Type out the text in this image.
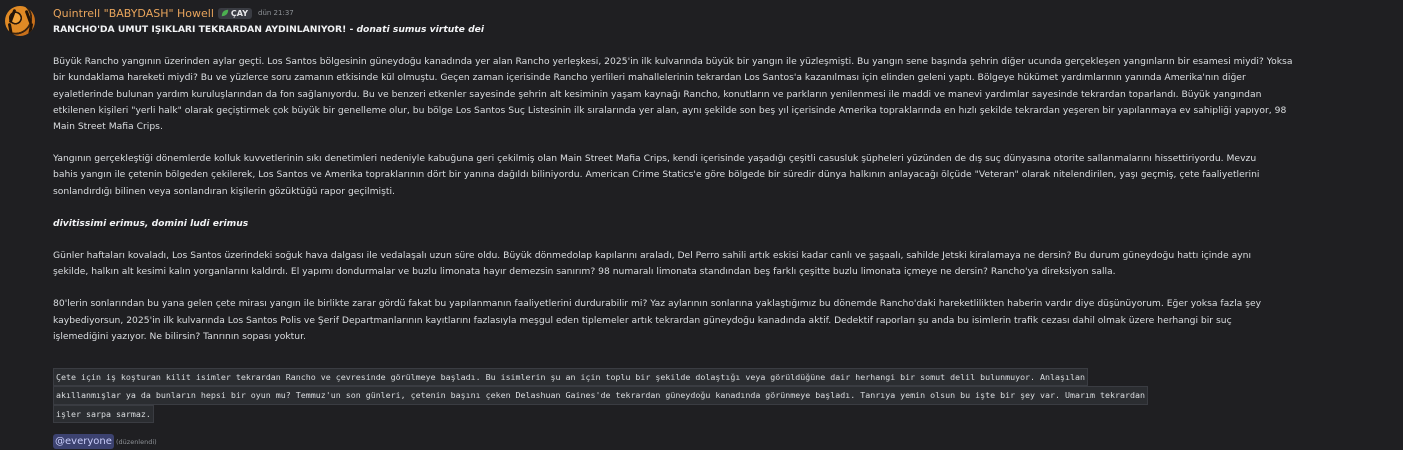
Quintrell "BABYDASH" Howell ÇAY dün 21:37
RANCHO'DA UMUT IŞIKLARI TEKRARDAN AYDINLANIYOR! - donati sumus virtute dei
Büyük Rancho yangının üzerinden aylar geçti. Los Santos bölgesinin güneydoğu kanadında yer alan Rancho yerleşkesi, 2025'in ilk kulvarında büyük bir yangın ile yüzleşmişti. Bu yangın sene başında şehrin diğer ucunda gerçekleşen yangınların bir esamesi miydi? Yoksa
bir kundaklama hareketi miydi? Bu ve yüzlerce soru zamanın etkisinde kül olmuştu. Geçen zaman içerisinde Rancho yerlileri mahallelerinin tekrardan Los Santos'a kazanılması için elinden geleni yaptı. Bölgeye hükümet yardımlarının yanında Amerika'nın diğer
eyaletlerinde bulunan yardım kuruluşlarından da fon sağlanıyordu. Bu ve benzeri etkenler sayesinde şehrin alt kesiminin yaşam kaynağı Rancho, konutların ve parkların yenilenmesi ile maddi ve manevi yardımlar sayesinde tekrardan toparlandı. Büyük yangından
etkilenen kişileri "yerli halk" olarak geçiştirmek çok büyük bir genelleme olur, bu bölge Los Santos Suç Listesinin ilk sıralarında yer alan, aynı şekilde son beş yıl içerisinde Amerika topraklarında en hızlı şekilde tekrardan yeşeren bir yapılanmaya ev sahipliği yapıyor, 98
Main Street Mafia Crips.
Yangının gerçekleştiği dönemlerde kolluk kuvvetlerinin sıkı denetimleri nedeniyle kabuğuna geri çekilmiş olan Main Street Mafia Crips, kendi içerisinde yaşadığı çeşitli casusluk şüpheleri yüzünden de dış suç dünyasına otorite sallanmalarını hissettiriyordu. Mevzu
bahis yangın ile çetenin bölgeden çekilerek, Los Santos ve Amerika topraklarının dört bir yanına dağıldı biliniyordu. American Crime Statics'e göre bölgede bir süredir dünya halkının anlayacağı ölçüde "Veteran" olarak nitelendirilen, yaşı geçmiş, çete faaliyetlerini
sonlandırdığı bilinen veya sonlandıran kişilerin gözüktüğü rapor geçilmişti.
divitissimi erimus, domini ludi erimus
Günler haftaları kovaladı, Los Santos üzerindeki soğuk hava dalgası ile vedalaşalı uzun süre oldu. Büyük dönmedolap kapılarını araladı, Del Perro sahili artık eskisi kadar canlı ve şaşaalı, sahilde Jetski kiralamaya ne dersin? Bu durum güneydoğu hattı içinde aynı
şekilde, halkın alt kesimi kalın yorganlarını kaldırdı. El yapımı dondurmalar ve buzlu limonata hayır demezsin sanırım? 98 numaralı limonata standından beş farklı çeşitte buzlu limonata içmeye ne dersin? Rancho'ya direksiyon salla.
80'lerin sonlarından bu yana gelen çete mirası yangın ile birlikte zarar gördü fakat bu yapılanmanın faaliyetlerini durdurabilir mi? Yaz aylarının sonlarına yaklaştığımız bu dönemde Rancho'daki hareketlilikten haberin vardır diye düşünüyorum. Eğer yoksa fazla şey
kaybediyorsun, 2025'in ilk kulvarında Los Santos Polis ve Şerif Departmanlarının kayıtlarını fazlasıyla meşgul eden tiplemeler artık tekrardan güneydoğu kanadında aktif. Dedektif raporları şu anda bu isimlerin trafik cezası dahil olmak üzere herhangi bir suç
işlemediğini yazıyor. Ne bilirsin? Tanrının sopası yoktur.
Çete için iş koşturan kilit isimler tekrardan Rancho ve çevresinde görülmeye başladı. Bu isimlerin şu an için toplu bir şekilde dolaştığı veya görüldüğüne dair herhangi bir somut delil bulunmuyor. Anlaşılan
akıllanmışlar ya da bunların hepsi bir oyun mu? Temmuz'un son günleri, çetenin başını çeken Delashuan Gaines'de tekrardan güneydoğu kanadında görünmeye başladı. Tanrıya yemin olsun bu işte bir şey var. Umarım tekrardan
işler sarpa sarmaz.
@everyone (düzenlendi)
